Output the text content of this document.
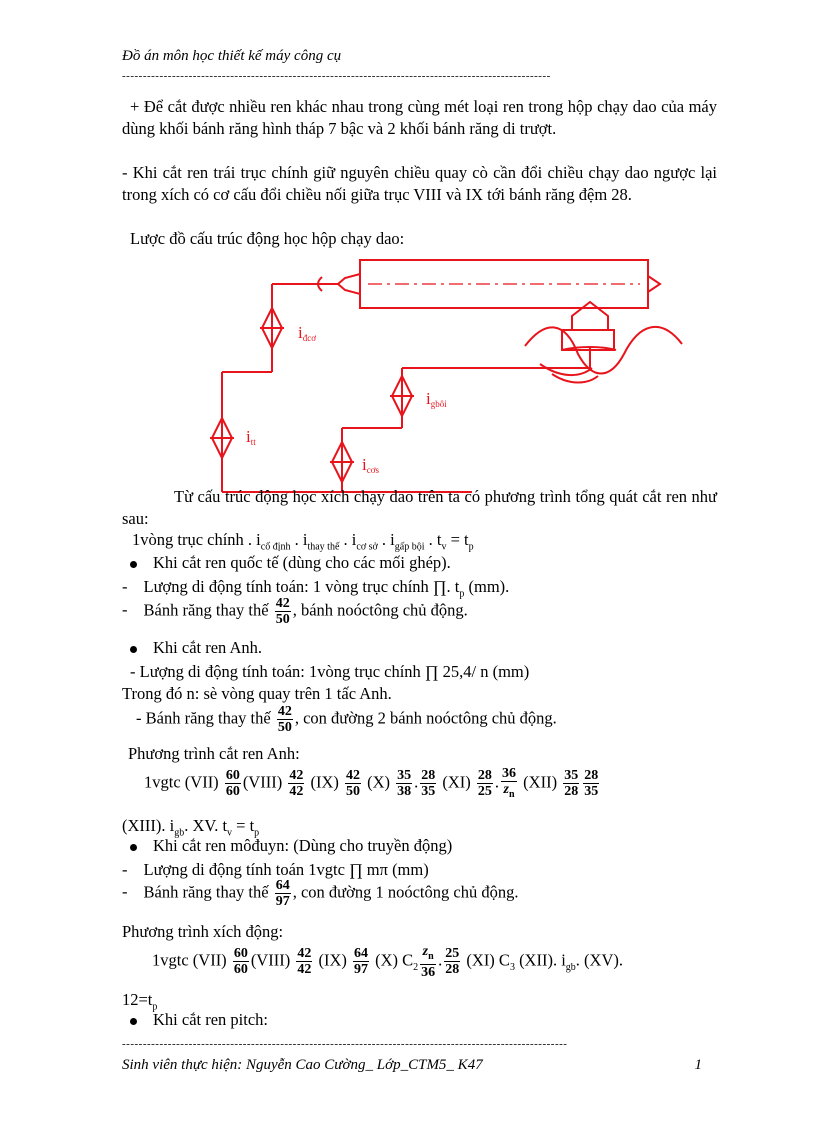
Đồ án môn học thiết kế máy công cụ
-------------------------------------------------------------------------------------------------------
+ Để cắt được nhiều ren khác nhau trong cùng mét loại ren trong hộp chạy dao của máy dùng khối bánh răng hình tháp 7 bậc và 2 khối bánh răng di trượt.
- Khi cắt ren trái trục chính giữ nguyên chiều quay cò cần đổi chiều chạy dao ngược lại trong xích có cơ cấu đổi chiều nối giữa trục VIII và IX tới bánh răng đệm 28.
Lược đồ cấu trúc động học hộp chạy dao:
iđcơ
itt
igbôi
icơs
Từ cấu trúc động học xích chạy dao trên ta có phương trình tổng quát cắt ren như sau:
1vòng trục chính . $i_{cố định}$ . $i_{thay thế}$ . $i_{cơ sở}$ . $i_{gấp bội}$ . $t_v = t_p$
Khi cắt ren quốc tế (dùng cho các mối ghép).
- Lượng di động tính toán: 1 vòng trục chính ∏. $t_p$ (mm).
- Bánh răng thay thế $\frac{42}{50}$ , bánh noóctông chủ động.
Khi cắt ren Anh.
- Lượng di động tính toán: 1vòng trục chính ∏ 25,4/ n (mm)
Trong đó n: sè vòng quay trên 1 tấc Anh.
- Bánh răng thay thế $\frac{42}{50}$ , con đường 2 bánh noóctông chủ động.
Phương trình cắt ren Anh:
1vgtc $(VII) \frac{60}{60}$ (VIII) $\frac{42}{42} (IX) \frac{42}{50} (X) \frac{35}{38}$ . $\frac{28}{35} (XI) \frac{28}{25}$ . $\frac{36}{z_n} (XII) \frac{35}{28} \frac{28}{35}$
(XIII). $i_{gb}$. XV. $t_v = t_p$
Khi cắt ren môđuyn: (Dùng cho truyền động)
- Lượng di động tính toán 1vgtc ∏ mπ (mm)
- Bánh răng thay thế $\frac{64}{97}$ , con đường 1 noóctông chủ động.
Phương trình xích động:
1vgtc $(VII) \frac{60}{60}$ (VIII) $\frac{42}{42} (IX) \frac{64}{97} (X)$ $C_2 \frac{z_n}{36}$ . $\frac{25}{28} (XI)$ $C_3$ (XII). $i_{gb}$. (XV).
$12=t_p$
Khi cắt ren pitch:
-----------------------------------------------------------------------------------------------------------
Sinh viên thực hiện: Nguyễn Cao Cường_ Lớp_CTM5_ K47	1
